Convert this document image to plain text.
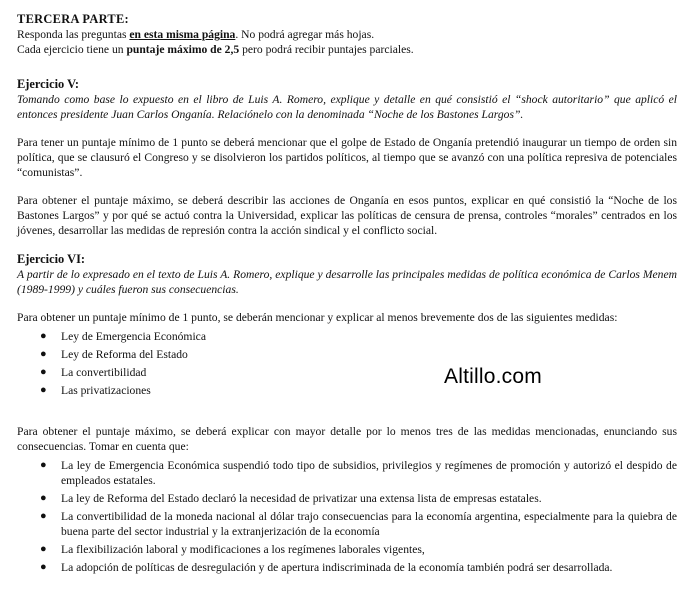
TERCERA PARTE:
Responda las preguntas en esta misma página. No podrá agregar más hojas.
Cada ejercicio tiene un puntaje máximo de 2,5 pero podrá recibir puntajes parciales.
Ejercicio V:
Tomando como base lo expuesto en el libro de Luis A. Romero, explique y detalle en qué consistió el “shock autoritario” que aplicó el entonces presidente Juan Carlos Onganía. Relaciónelo con la denominada “Noche de los Bastones Largos”.
Para tener un puntaje mínimo de 1 punto se deberá mencionar que el golpe de Estado de Onganía pretendió inaugurar un tiempo de orden sin política, que se clausuró el Congreso y se disolvieron los partidos políticos, al tiempo que se avanzó con una política represiva de potenciales “comunistas”.
Para obtener el puntaje máximo, se deberá describir las acciones de Onganía en esos puntos, explicar en qué consistió la “Noche de los Bastones Largos” y por qué se actuó contra la Universidad, explicar las políticas de censura de prensa, controles “morales” centrados en los jóvenes, desarrollar las medidas de represión contra la acción sindical y el conflicto social.
Ejercicio VI:
A partir de lo expresado en el texto de Luis A. Romero, explique y desarrolle las principales medidas de política económica de Carlos Menem (1989-1999) y cuáles fueron sus consecuencias.
Para obtener un puntaje mínimo de 1 punto, se deberán mencionar y explicar al menos brevemente dos de las siguientes medidas:
● Ley de Emergencia Económica
● Ley de Reforma del Estado
● La convertibilidad
● Las privatizaciones
Para obtener el puntaje máximo, se deberá explicar con mayor detalle por lo menos tres de las medidas mencionadas, enunciando sus consecuencias. Tomar en cuenta que:
● La ley de Emergencia Económica suspendió todo tipo de subsidios, privilegios y regímenes de promoción y autorizó el despido de empleados estatales.
● La ley de Reforma del Estado declaró la necesidad de privatizar una extensa lista de empresas estatales.
● La convertibilidad de la moneda nacional al dólar trajo consecuencias para la economía argentina, especialmente para la quiebra de buena parte del sector industrial y la extranjerización de la economía
● La flexibilización laboral y modificaciones a los regímenes laborales vigentes,
● La adopción de políticas de desregulación y de apertura indiscriminada de la economía también podrá ser desarrollada.
Altillo.com
